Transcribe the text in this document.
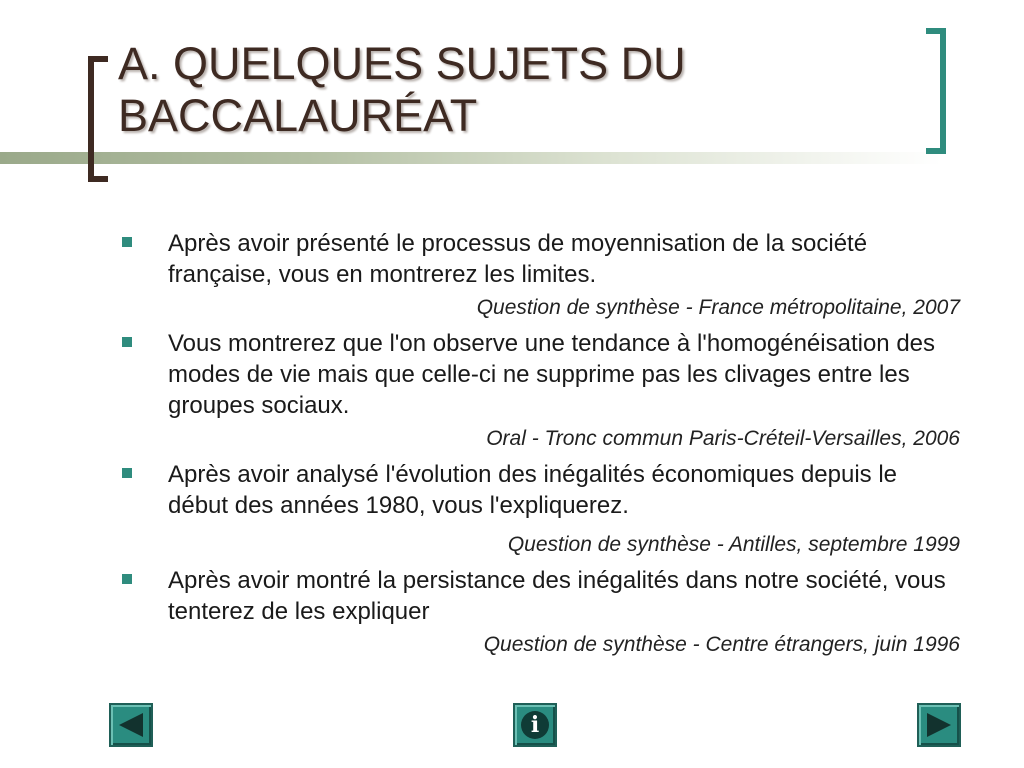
A. QUELQUES SUJETS DU
BACCALAURÉAT
Après avoir présenté le processus de moyennisation de la société française, vous en montrerez les limites.
Question de synthèse - France métropolitaine, 2007
Vous montrerez que l'on observe une tendance à l'homogénéisation des modes de vie mais que celle-ci ne supprime pas les clivages entre les groupes sociaux.
Oral - Tronc commun Paris-Créteil-Versailles, 2006
Après avoir analysé l'évolution des inégalités économiques depuis le début des années 1980, vous l'expliquerez.
Question de synthèse - Antilles, septembre 1999
Après avoir montré la persistance des inégalités dans notre société, vous tenterez de les expliquer
Question de synthèse - Centre étrangers, juin 1996
i
